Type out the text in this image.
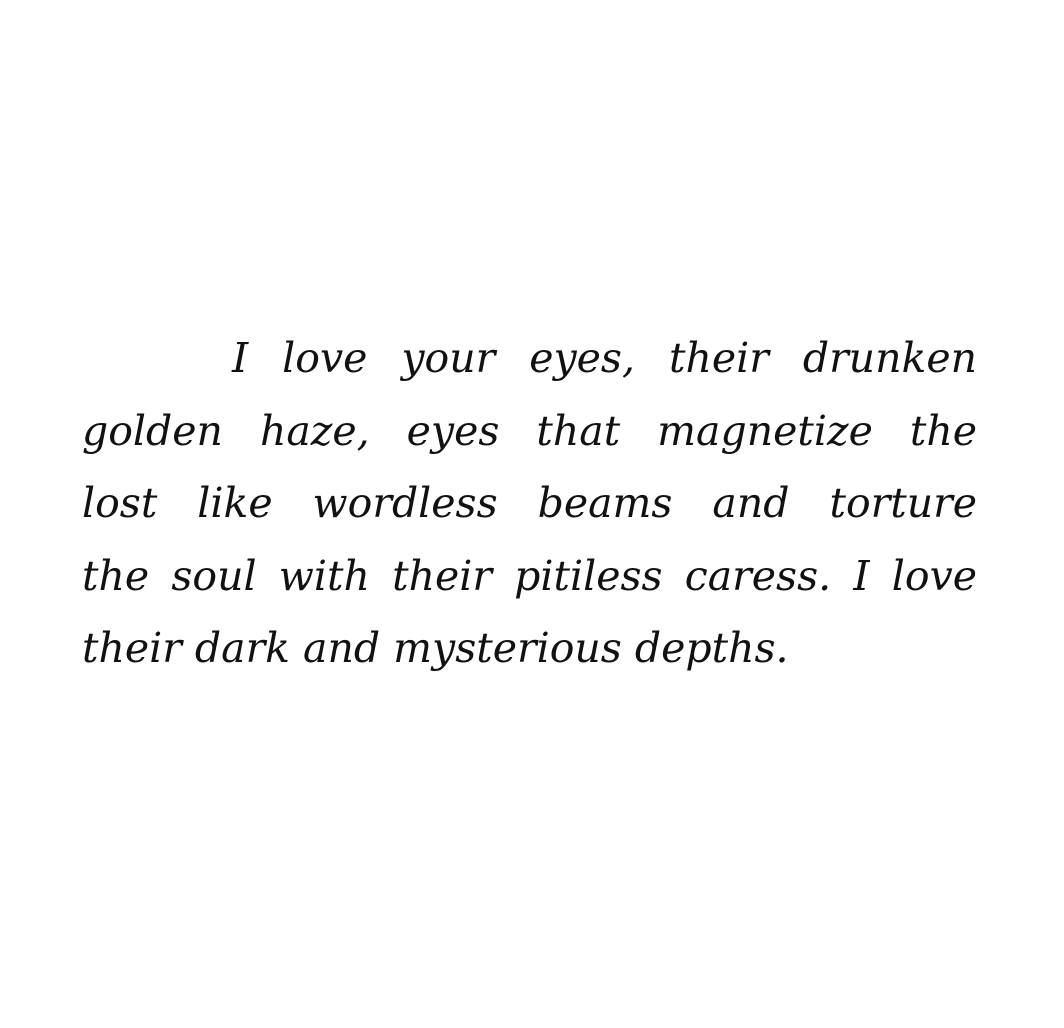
I love your eyes, their drunken
golden haze, eyes that magnetize the
lost like wordless beams and torture
the soul with their pitiless caress. I love
their dark and mysterious depths.
